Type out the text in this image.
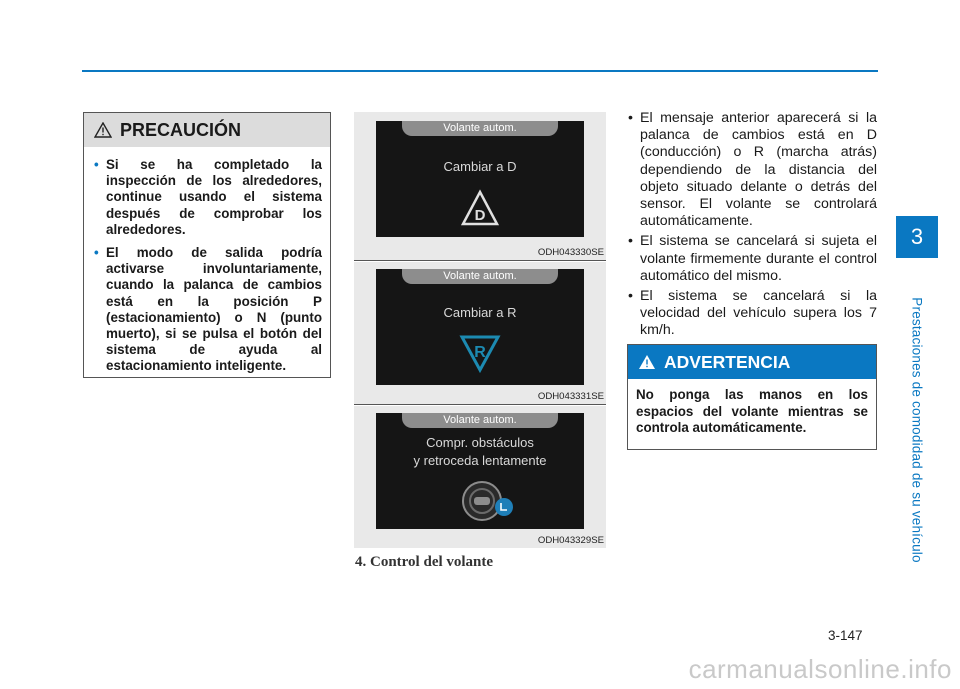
3
Prestaciones de comodidad de su vehículo
PRECAUCIÓN
• Si se ha completado la inspección de los alrededores, continue usando el sistema después de comprobar los alrededores.
• El modo de salida podría activarse involuntariamente, cuando la palanca de cambios está en la posición P (estacionamiento) o N (punto muerto), si se pulsa el botón del sistema de ayuda al estacionamiento inteligente.
Volante autom.
Cambiar a D
D
ODH043330SE
Volante autom.
Cambiar a R
R
ODH043331SE
Volante autom.
Compr. obstáculos
y retroceda lentamente
ODH043329SE
4. Control del volante
• El mensaje anterior aparecerá si la palanca de cambios está en D (conducción) o R (marcha atrás) dependiendo de la distancia del objeto situado delante o detrás del sensor. El volante se controlará automáticamente.
• El sistema se cancelará si sujeta el volante firmemente durante el control automático del mismo.
• El sistema se cancelará si la velocidad del vehículo supera los 7 km/h.
ADVERTENCIA
No ponga las manos en los espacios del volante mientras se controla automáticamente.
3-147
carmanualsonline.info
